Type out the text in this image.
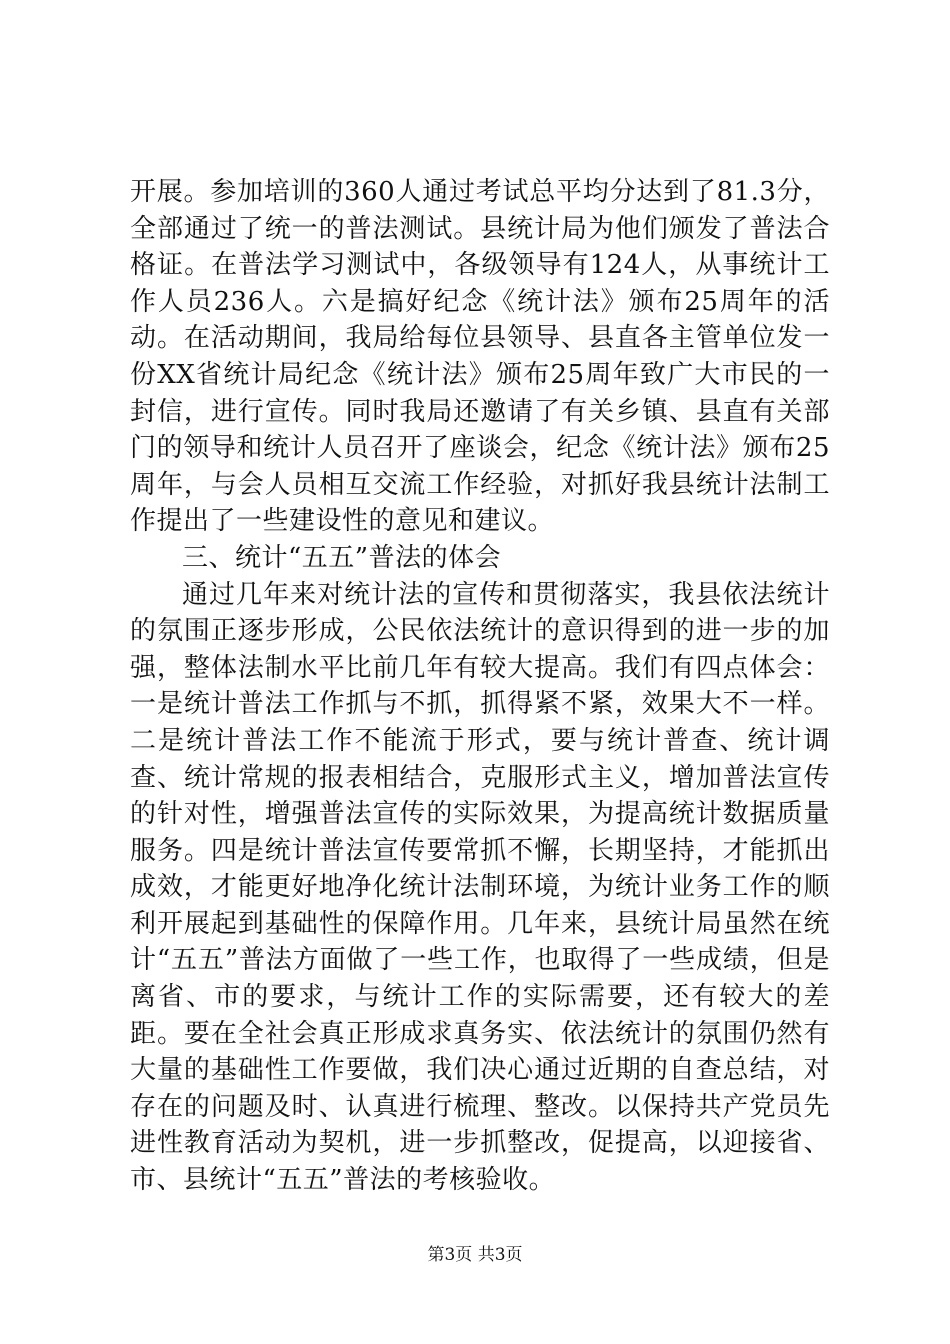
开展。参加培训的360人通过考试总平均分达到了81.3分，全部通过了统一的普法测试。县统计局为他们颁发了普法合格证。在普法学习测试中，各级领导有124人，从事统计工作人员236人。六是搞好纪念《统计法》颁布25周年的活动。在活动期间，我局给每位县领导、县直各主管单位发一份XX省统计局纪念《统计法》颁布25周年致广大市民的一封信，进行宣传。同时我局还邀请了有关乡镇、县直有关部门的领导和统计人员召开了座谈会，纪念《统计法》颁布25周年，与会人员相互交流工作经验，对抓好我县统计法制工作提出了一些建设性的意见和建议。

三、统计“五五”普法的体会

通过几年来对统计法的宣传和贯彻落实，我县依法统计的氛围正逐步形成，公民依法统计的意识得到的进一步的加强，整体法制水平比前几年有较大提高。我们有四点体会：一是统计普法工作抓与不抓，抓得紧不紧，效果大不一样。二是统计普法工作不能流于形式，要与统计普查、统计调查、统计常规的报表相结合，克服形式主义，增加普法宣传的针对性，增强普法宣传的实际效果，为提高统计数据质量服务。四是统计普法宣传要常抓不懈，长期坚持，才能抓出成效，才能更好地净化统计法制环境，为统计业务工作的顺利开展起到基础性的保障作用。几年来，县统计局虽然在统计“五五”普法方面做了一些工作，也取得了一些成绩，但是离省、市的要求，与统计工作的实际需要，还有较大的差距。要在全社会真正形成求真务实、依法统计的氛围仍然有大量的基础性工作要做，我们决心通过近期的自查总结，对存在的问题及时、认真进行梳理、整改。以保持共产党员先进性教育活动为契机，进一步抓整改，促提高，以迎接省、市、县统计“五五”普法的考核验收。

第3页 共3页
